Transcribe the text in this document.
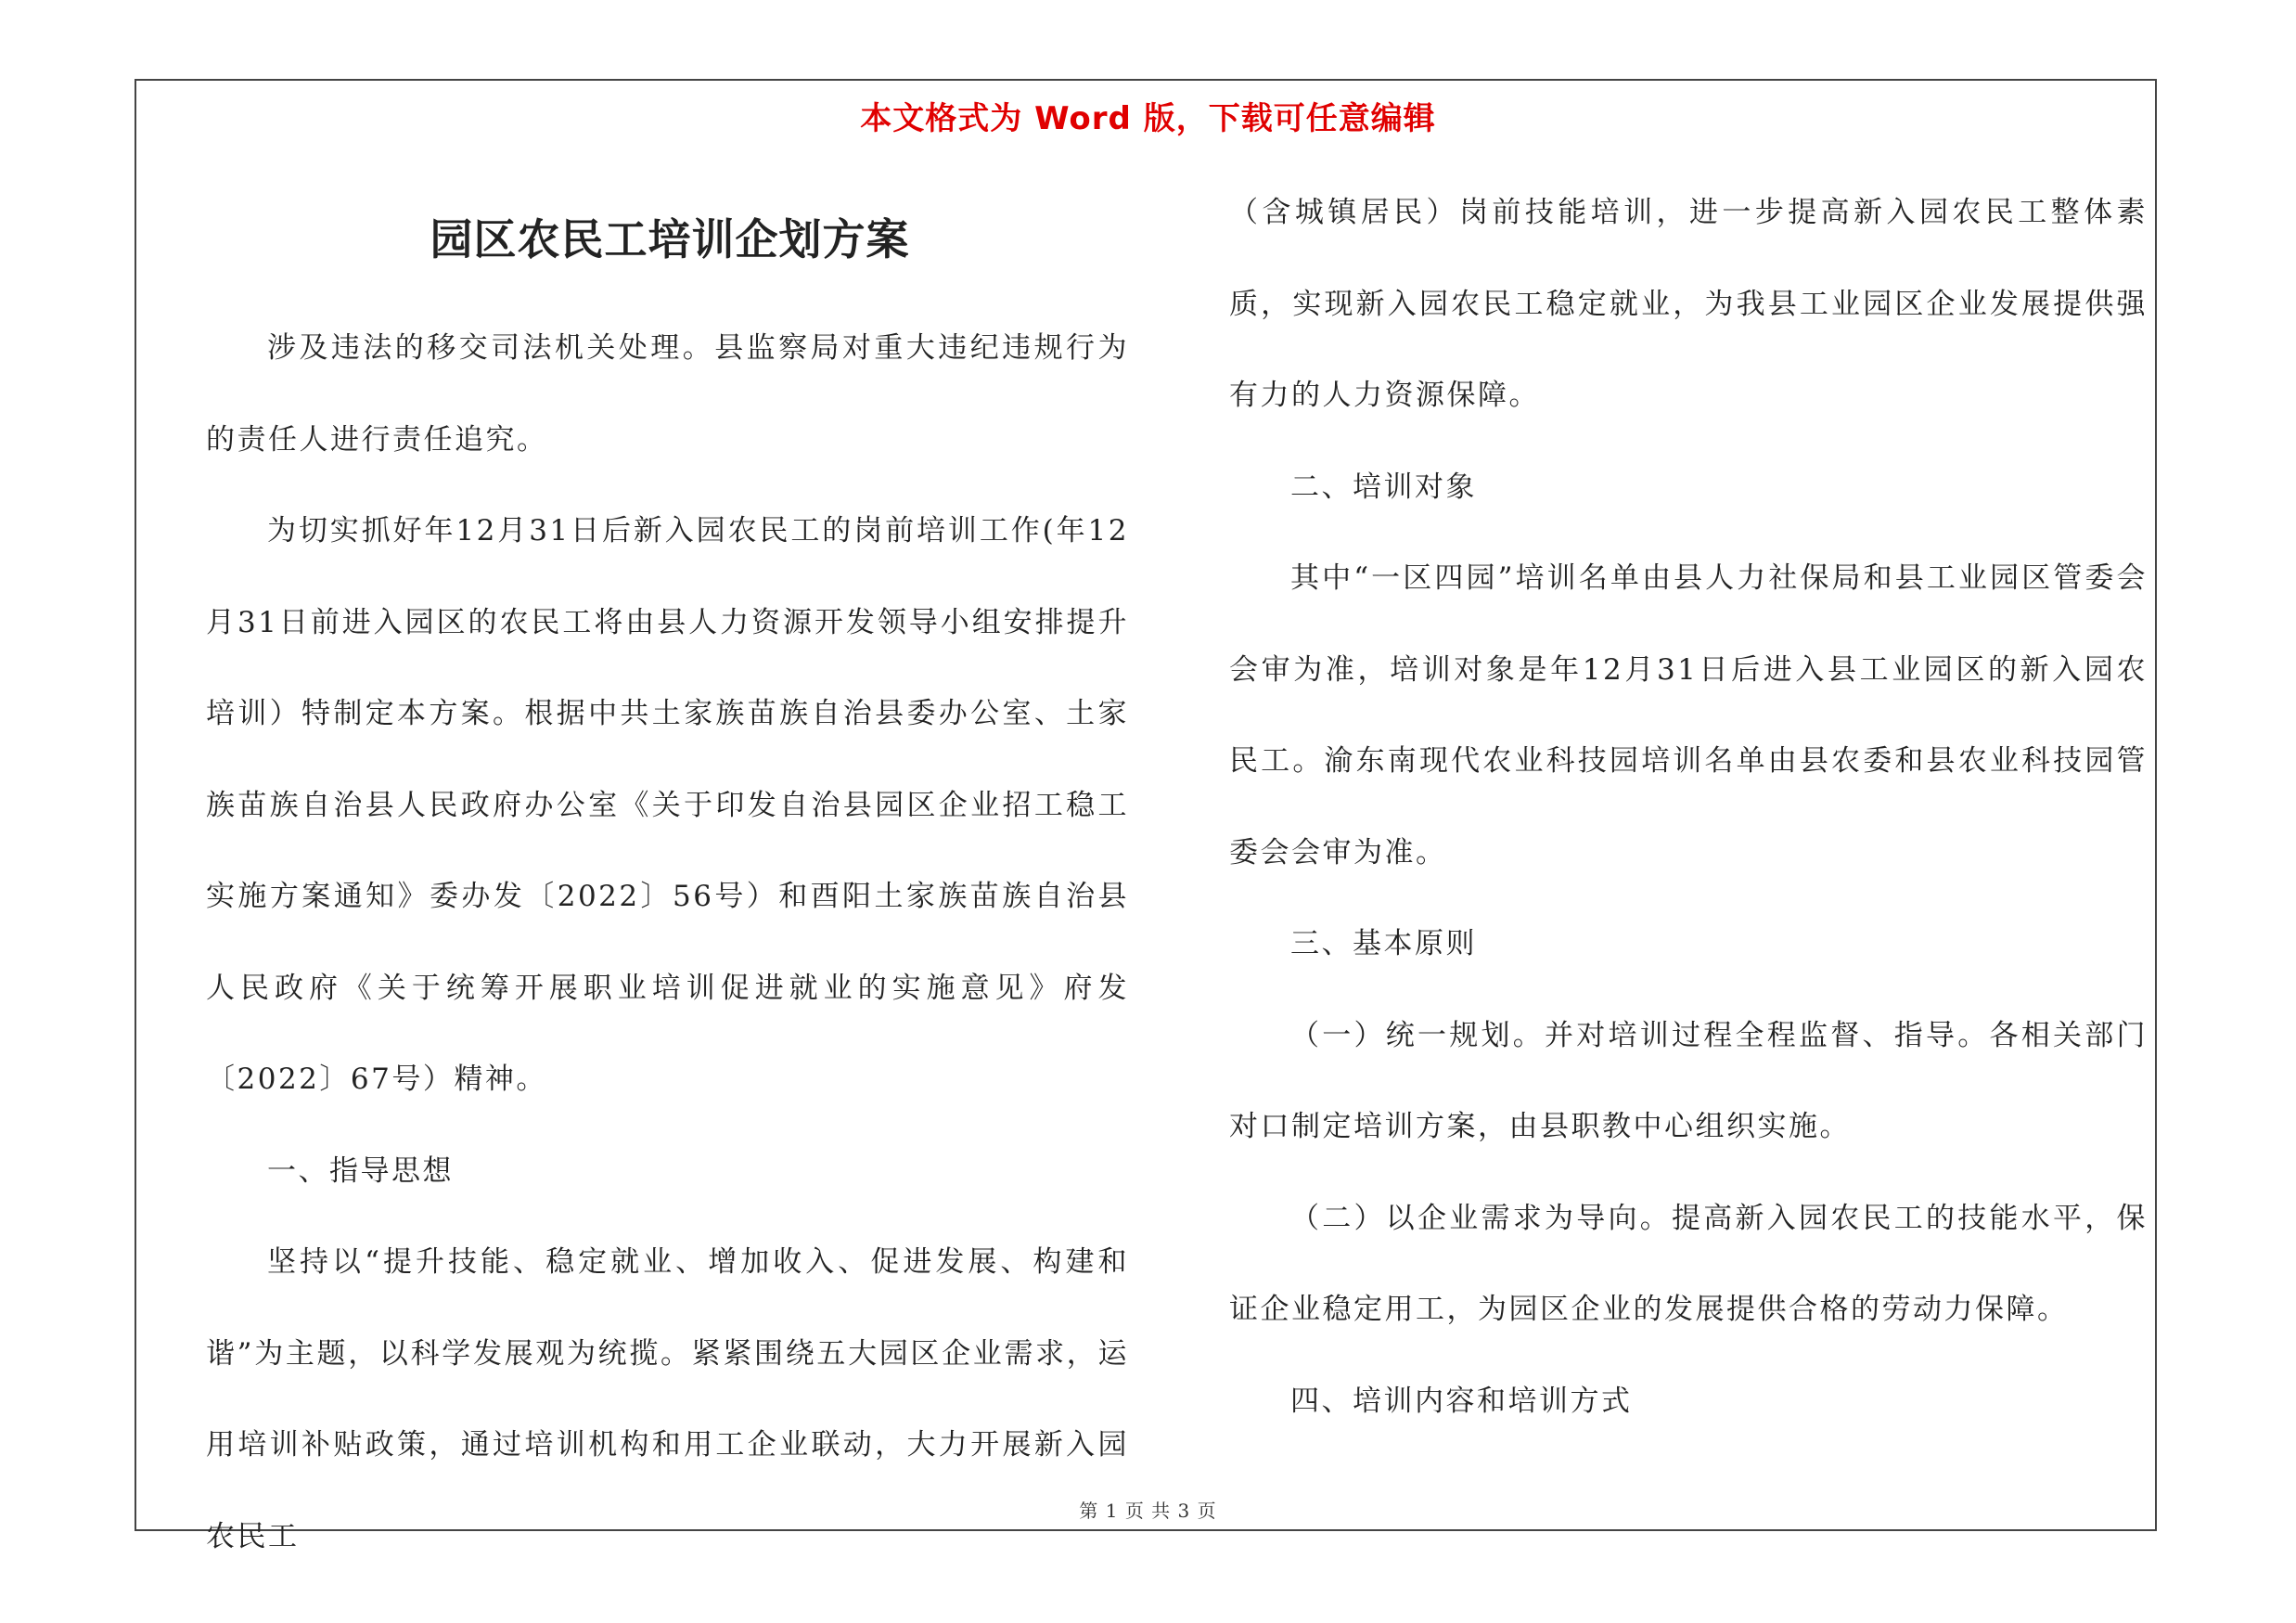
本文格式为 Word 版，下载可任意编辑
园区农民工培训企划方案

涉及违法的移交司法机关处理。县监察局对重大违纪违规行为的责任人进行责任追究。

为切实抓好年12月31日后新入园农民工的岗前培训工作(年12月31日前进入园区的农民工将由县人力资源开发领导小组安排提升培训）特制定本方案。根据中共土家族苗族自治县委办公室、土家族苗族自治县人民政府办公室《关于印发自治县园区企业招工稳工实施方案通知》委办发〔2022〕56号）和酉阳土家族苗族自治县人民政府《关于统筹开展职业培训促进就业的实施意见》府发〔2022〕67号）精神。

一、指导思想

坚持以“提升技能、稳定就业、增加收入、促进发展、构建和谐”为主题，以科学发展观为统揽。紧紧围绕五大园区企业需求，运用培训补贴政策，通过培训机构和用工企业联动，大力开展新入园农民工

（含城镇居民）岗前技能培训，进一步提高新入园农民工整体素质，实现新入园农民工稳定就业，为我县工业园区企业发展提供强有力的人力资源保障。

二、培训对象

其中“一区四园”培训名单由县人力社保局和县工业园区管委会会审为准，培训对象是年12月31日后进入县工业园区的新入园农民工。渝东南现代农业科技园培训名单由县农委和县农业科技园管委会会审为准。

三、基本原则

（一）统一规划。并对培训过程全程监督、指导。各相关部门对口制定培训方案，由县职教中心组织实施。

（二）以企业需求为导向。提高新入园农民工的技能水平，保证企业稳定用工，为园区企业的发展提供合格的劳动力保障。

四、培训内容和培训方式

第 1 页 共 3 页
